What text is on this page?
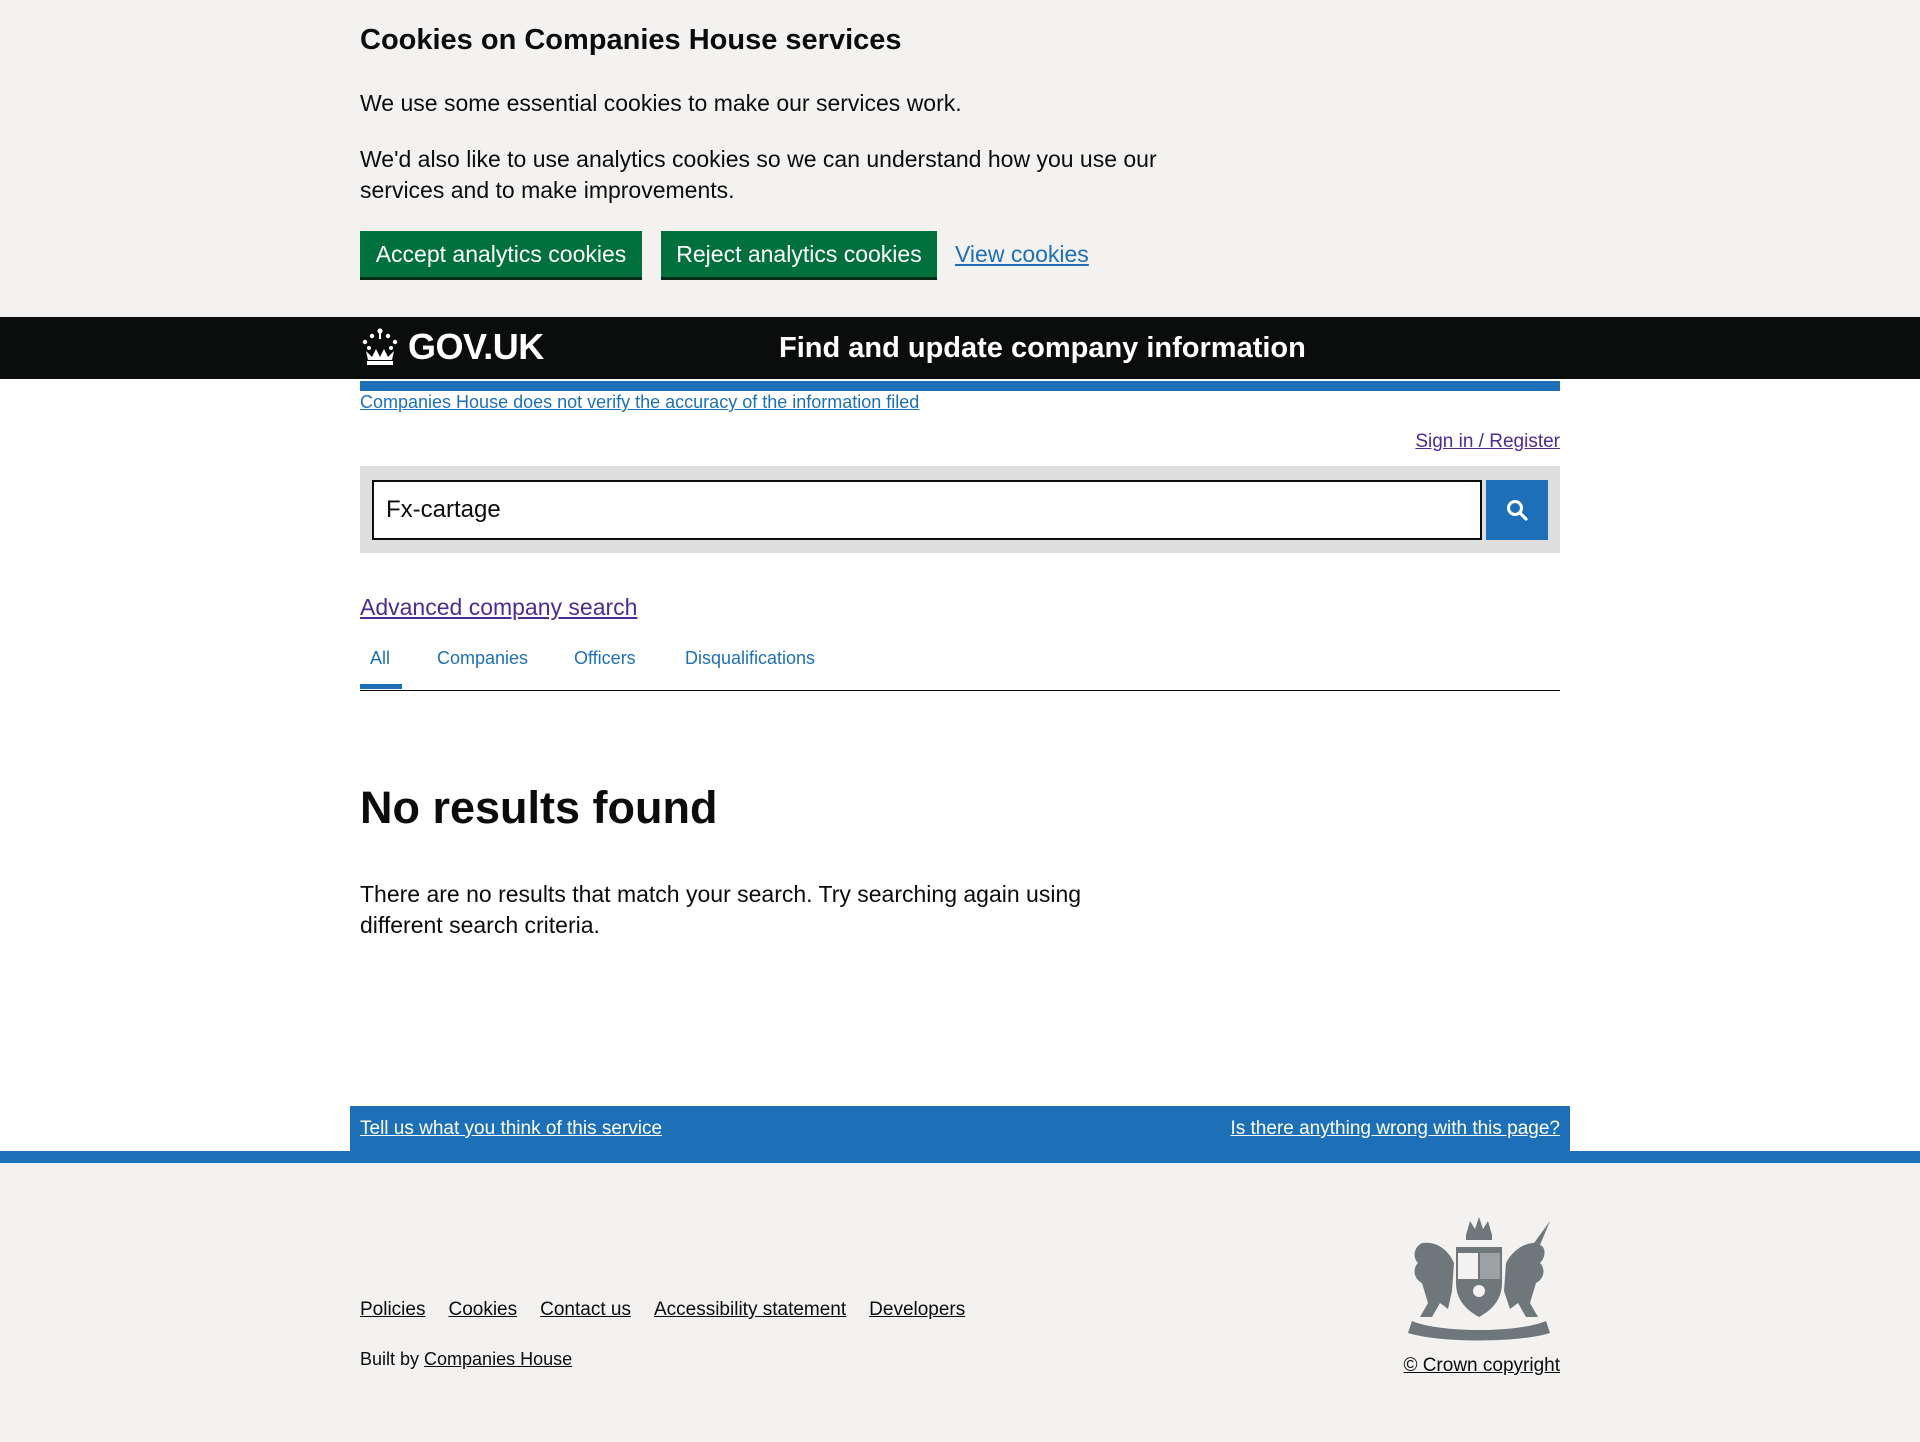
Cookies on Companies House services

We use some essential cookies to make our services work.

We'd also like to use analytics cookies so we can understand how you use our services and to make improvements.

Accept analytics cookies	Reject analytics cookies	View cookies
GOV.UK	Find and update company information
Companies House does not verify the accuracy of the information filed
Sign in / Register
Fx-cartage
Advanced company search
All	Companies	Officers	Disqualifications
No results found

There are no results that match your search. Try searching again using different search criteria.

Tell us what you think of this service	Is there anything wrong with this page?
Policies Cookies Contact us Accessibility statement Developers
Built by Companies House	© Crown copyright
